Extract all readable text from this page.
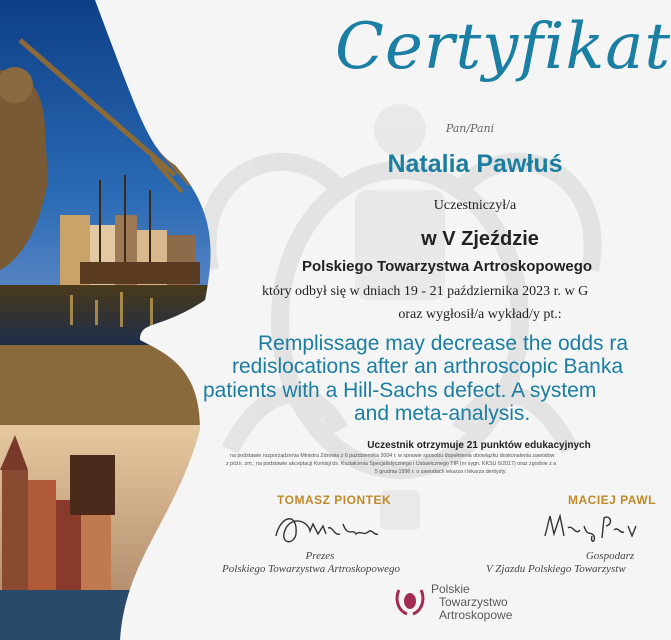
Certyfikat
Pan/Pani
Natalia Pawłuś
Uczestniczył/a
w V Zjeździe
Polskiego Towarzystwa Artroskopowego
który odbył się w dniach 19 - 21 października 2023 r. w G
oraz wygłosił/a wykład/y pt.:
Remplissage may decrease the odds ra
redislocations after an arthroscopic Banka
patients with a Hill-Sachs defect. A system
and meta-analysis.
Uczestnik otrzymuje 21 punktów edukacyjnych
na podstawie rozporządzenia Ministra Zdrowia z 6 października 2004 r. w sprawie sposobu dopełnienia obowiązku doskonalenia zawodow
z późn. zm.; na podstawie akceptacji Komisji ds. Kształcenia Specjalistycznego i Ustawicznego TIP (nr sygn. KKSU 6/2017) oraz zgodnie z a
5 grudnia 1996 r. o zawodach lekarza i lekarza dentysty.
TOMASZ PIONTEK
Prezes
Polskiego Towarzystwa Artroskopowego
MACIEJ PAWL
Gospodarz
V Zjazdu Polskiego Towarzystw
Polskie
Towarzystwo
Artroskopowe
